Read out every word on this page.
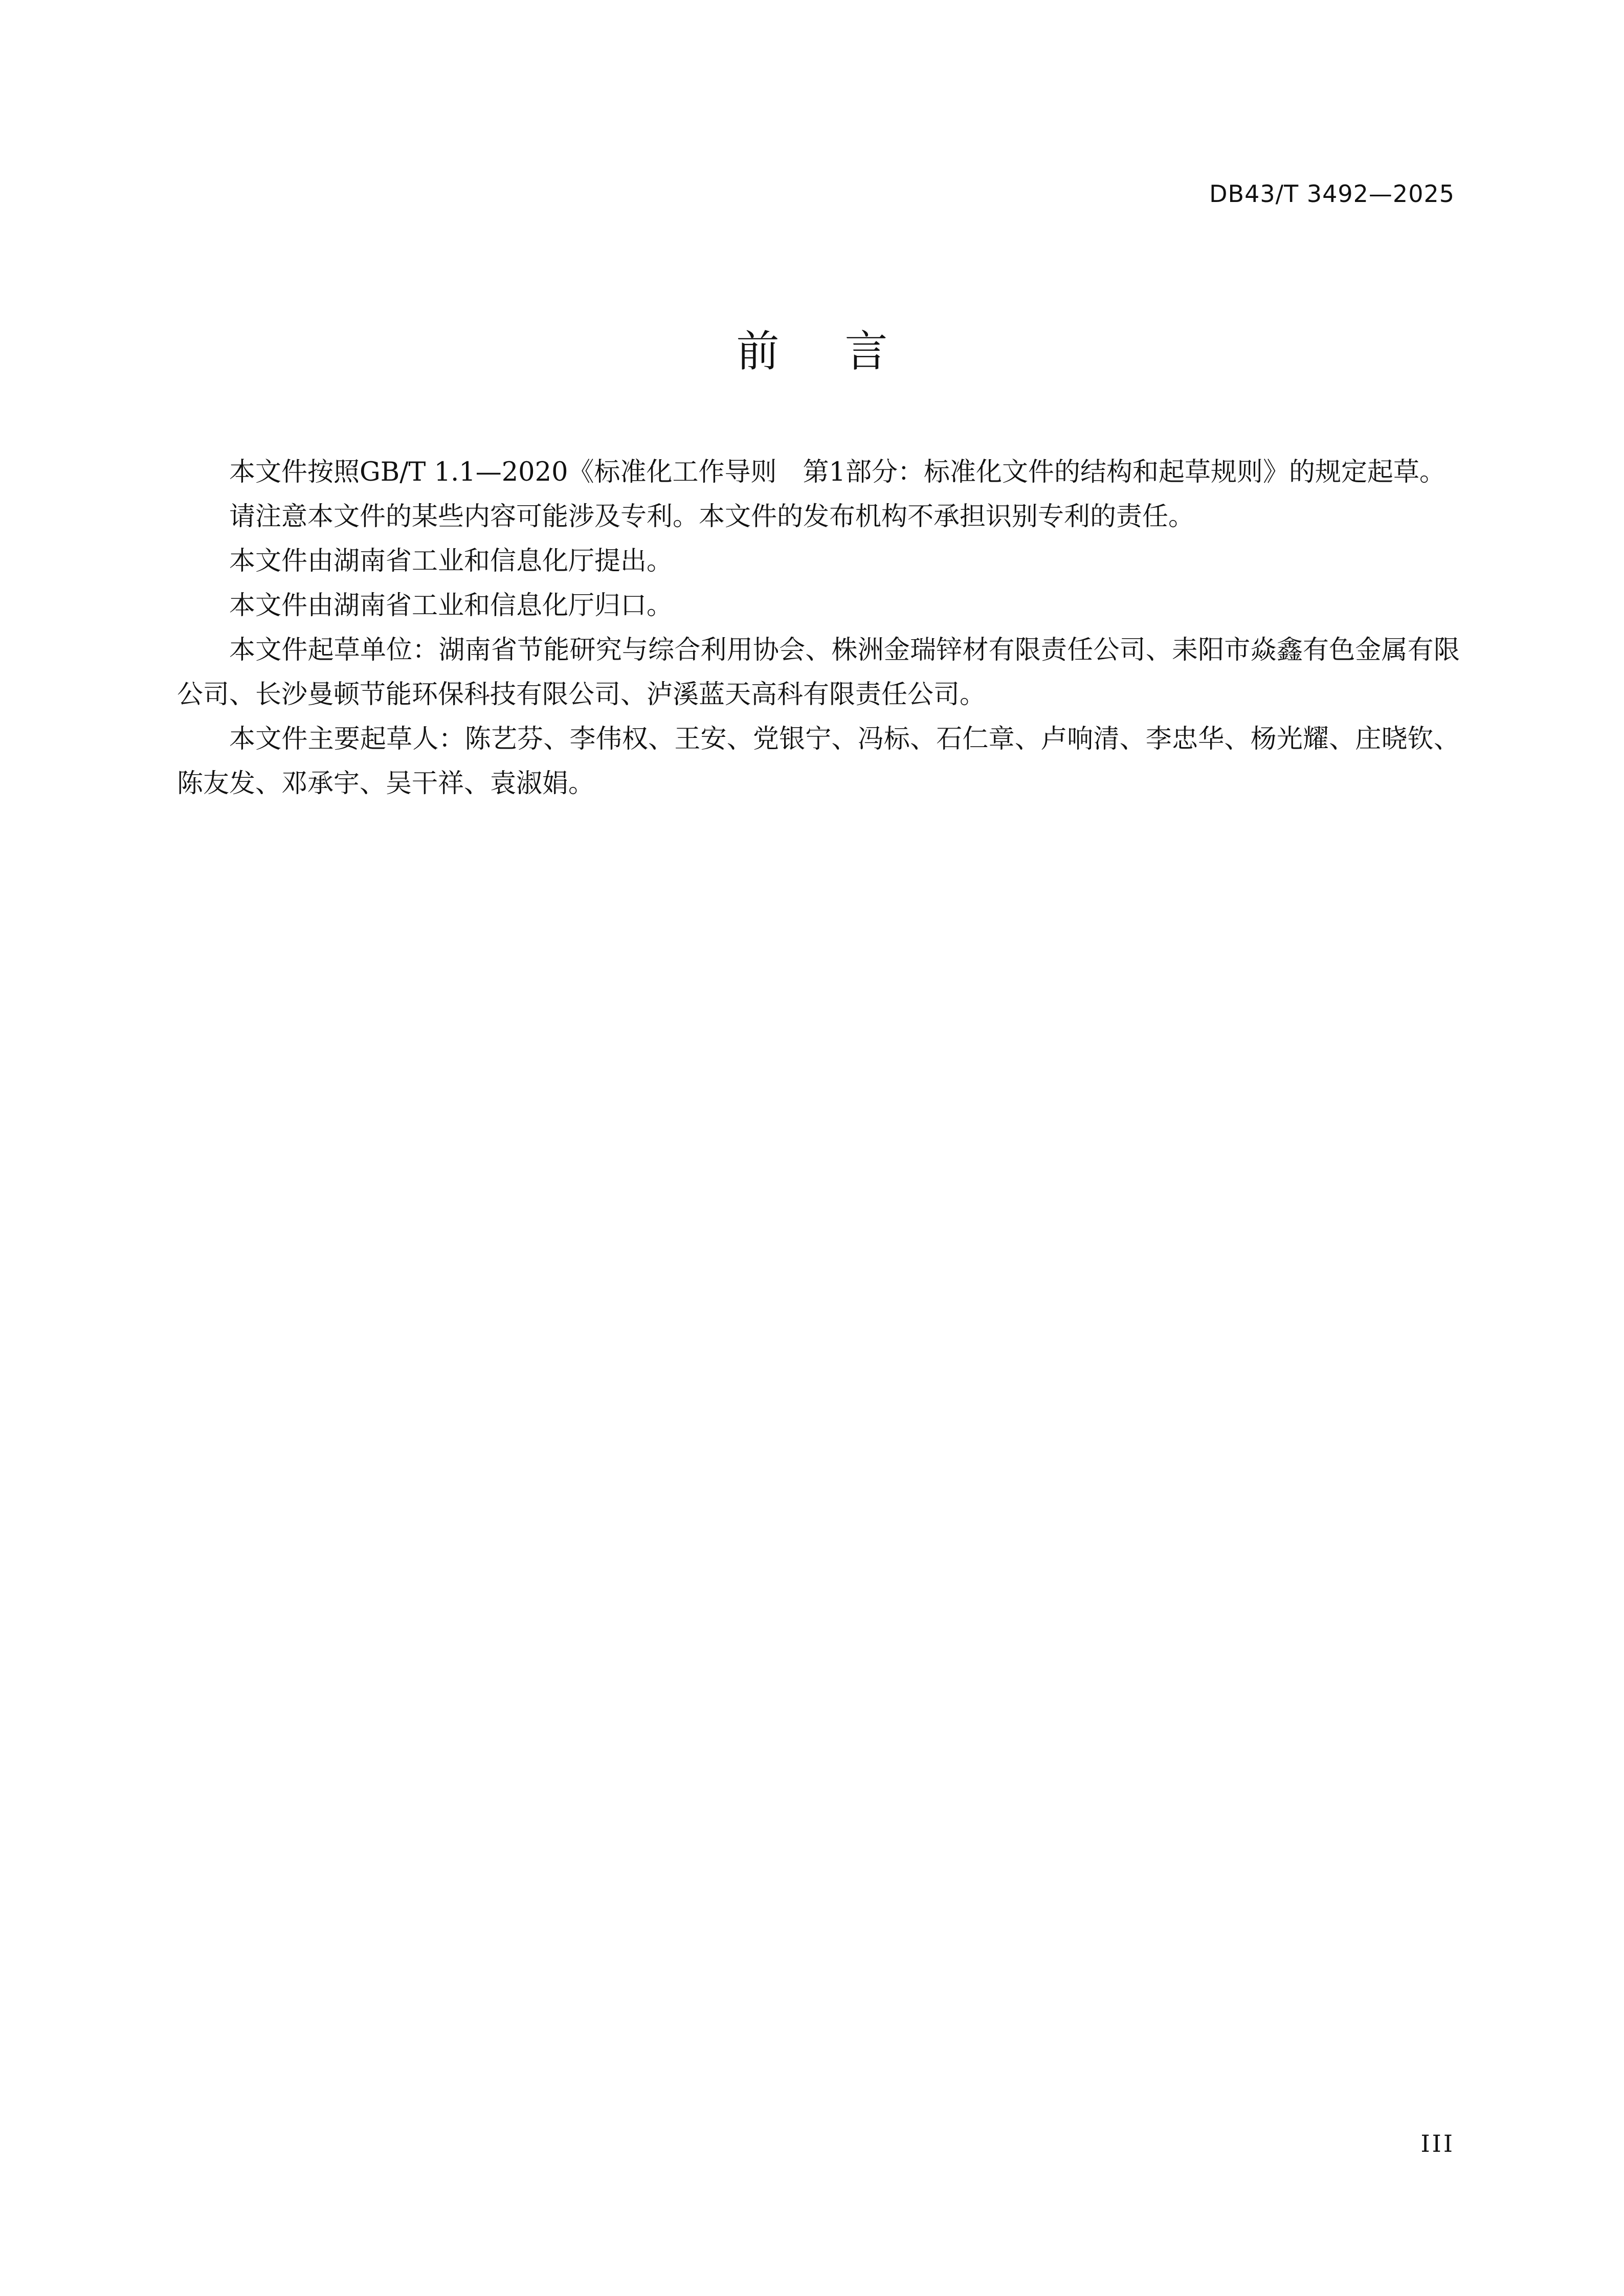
DB43/T 3492—2025
前言

本文件按照GB/T 1.1—2020《标准化工作导则　第1部分：标准化文件的结构和起草规则》的规定起草。

请注意本文件的某些内容可能涉及专利。本文件的发布机构不承担识别专利的责任。

本文件由湖南省工业和信息化厅提出。

本文件由湖南省工业和信息化厅归口。

本文件起草单位：湖南省节能研究与综合利用协会、株洲金瑞锌材有限责任公司、耒阳市焱鑫有色金属有限公司、长沙曼顿节能环保科技有限公司、泸溪蓝天高科有限责任公司。

本文件主要起草人：陈艺芬、李伟权、王安、党银宁、冯标、石仁章、卢响清、李忠华、杨光耀、庄晓钦、陈友发、邓承宇、吴干祥、袁淑娟。

III
